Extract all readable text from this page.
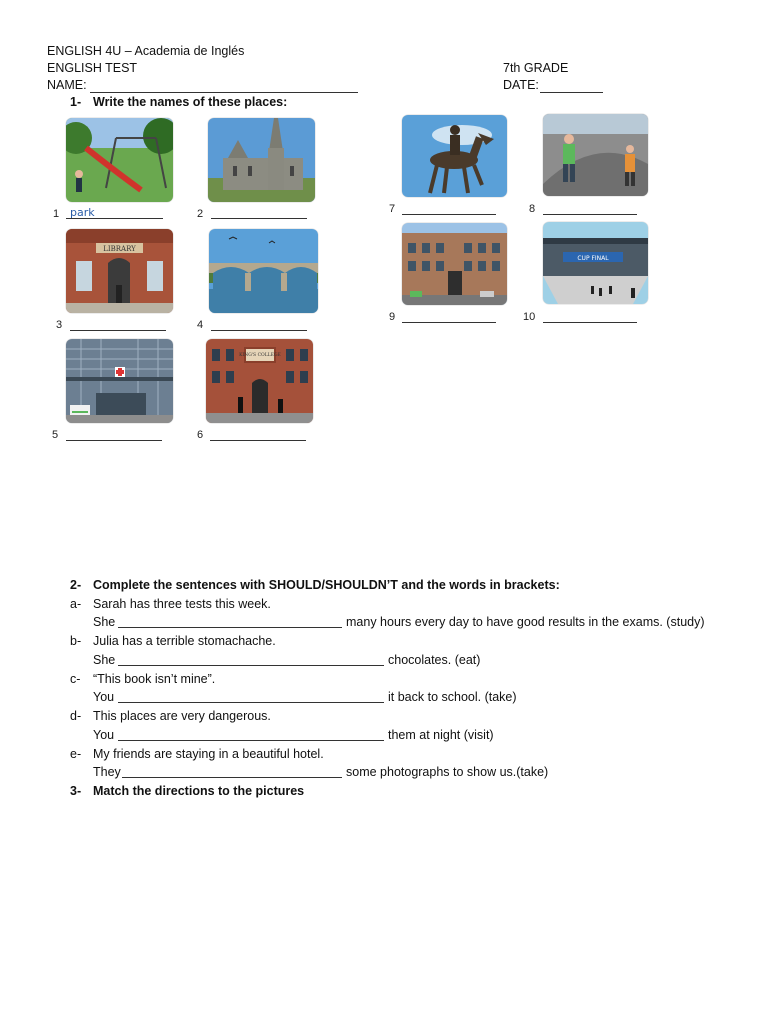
ENGLISH 4U – Academia de Inglés
ENGLISH TEST
NAME:
7th GRADE
DATE:
1- Write the names of these places:
1 park	2	7	8
LIBRARY
3	4
9
CUP FINAL
10
5
KING'S COLLEGE
6
2- Complete the sentences with SHOULD/SHOULDN’T and the words in brackets:
a- Sarah has three tests this week.
She	many hours every day to have good results in the exams. (study)
b- Julia has a terrible stomachache.
She	chocolates. (eat)
c- “This book isn’t mine”.
You	it back to school. (take)
d- This places are very dangerous.
You	them at night (visit)
e- My friends are staying in a beautiful hotel.
They	some photographs to show us.(take)
3- Match the directions to the pictures
